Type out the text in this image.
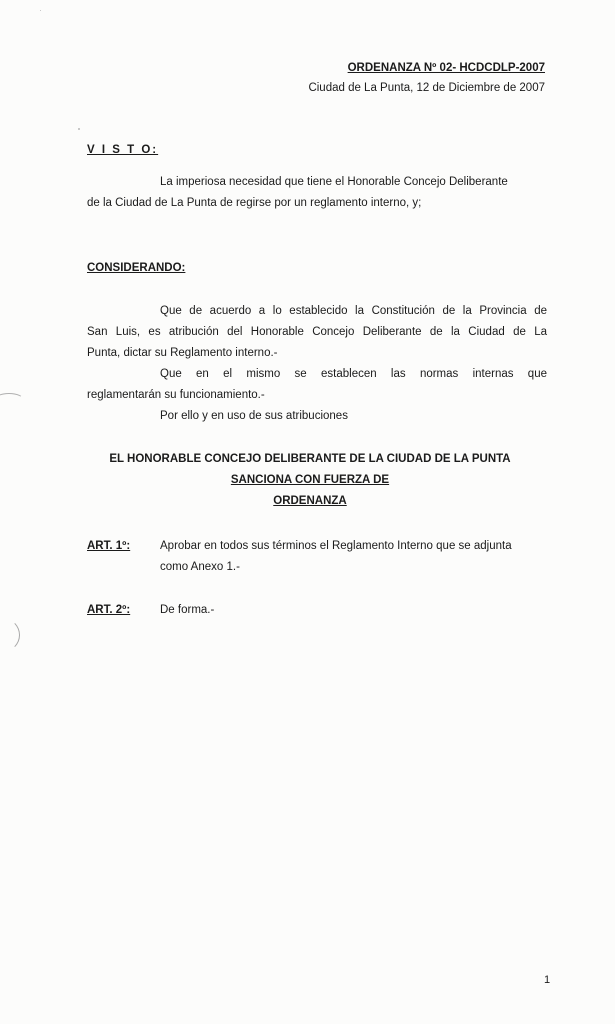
ORDENANZA Nº 02- HCDCDLP-2007
Ciudad de La Punta, 12 de Diciembre de 2007
V I S T O:
La imperiosa necesidad que tiene el Honorable Concejo Deliberante
de la Ciudad de La Punta de regirse por un reglamento interno, y;
CONSIDERANDO:
Que de acuerdo a lo establecido la Constitución de la Provincia de
San Luis, es atribución del Honorable Concejo Deliberante de la Ciudad de La
Punta, dictar su Reglamento interno.-
Que en el mismo se establecen las normas internas que
reglamentarán su funcionamiento.-
Por ello y en uso de sus atribuciones
EL HONORABLE CONCEJO DELIBERANTE DE LA CIUDAD DE LA PUNTA
SANCIONA CON FUERZA DE
ORDENANZA
ART. 1º:	Aprobar en todos sus términos el Reglamento Interno que se adjunta
como Anexo 1.-
ART. 2º:	De forma.-
1
